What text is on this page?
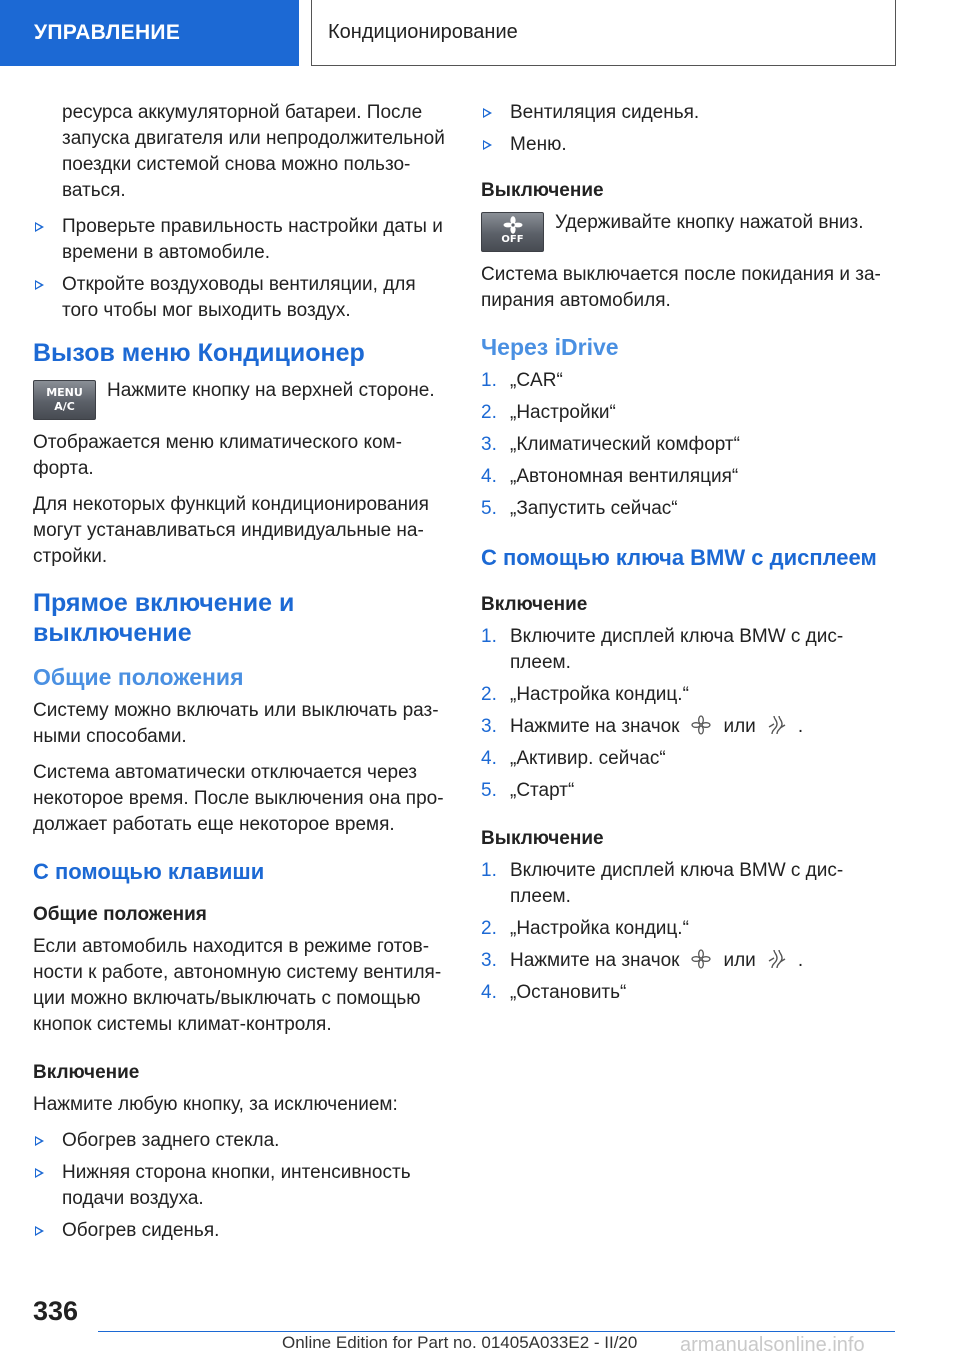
УПРАВЛЕНИЕ	Кондиционирование

ресурса аккумуляторной батареи. После запуска двигателя или непродолжительной поездки системой снова можно пользо-ваться.

Проверьте правильность настройки даты и времени в автомобиле.
Откройте воздуховоды вентиляции, для того чтобы мог выходить воздух.
Вызов меню Кондиционер
MENU
A/C

Нажмите кнопку на верхней стороне.

Отображается меню климатического ком-форта.

Для некоторых функций кондиционирования могут устанавливаться индивидуальные на-стройки.

Прямое включение и выключение
Общие положения

Систему можно включать или выключать раз-ными способами.

Система автоматически отключается через некоторое время. После выключения она про-должает работать еще некоторое время.

С помощью клавиши
Общие положения

Если автомобиль находится в режиме готов-ности к работе, автономную систему вентиля-ции можно включать/выключать с помощью кнопок системы климат-контроля.

Включение

Нажмите любую кнопку, за исключением:

Обогрев заднего стекла.
Нижняя сторона кнопки, интенсивность подачи воздуха.
Обогрев сиденья.
Вентиляция сиденья.
Меню.
Выключение
OFF

Удерживайте кнопку нажатой вниз.

Система выключается после покидания и за-пирания автомобиля.

Через iDrive
1. „CAR“
2. „Настройки“
3. „Климатический комфорт“
4. „Автономная вентиляция“
5. „Запустить сейчас“
С помощью ключа BMW с дисплеем
Включение
1. Включите дисплей ключа BMW с дис-плеем.
2. „Настройка кондиц.“
3. Нажмите на значок или .
4. „Активир. сейчас“
5. „Старт“
Выключение
1. Включите дисплей ключа BMW с дис-плеем.
2. „Настройка кондиц.“
3. Нажмите на значок или .
4. „Остановить“
336
Online Edition for Part no. 01405A033E2 - II/20 armanualsonline.info
